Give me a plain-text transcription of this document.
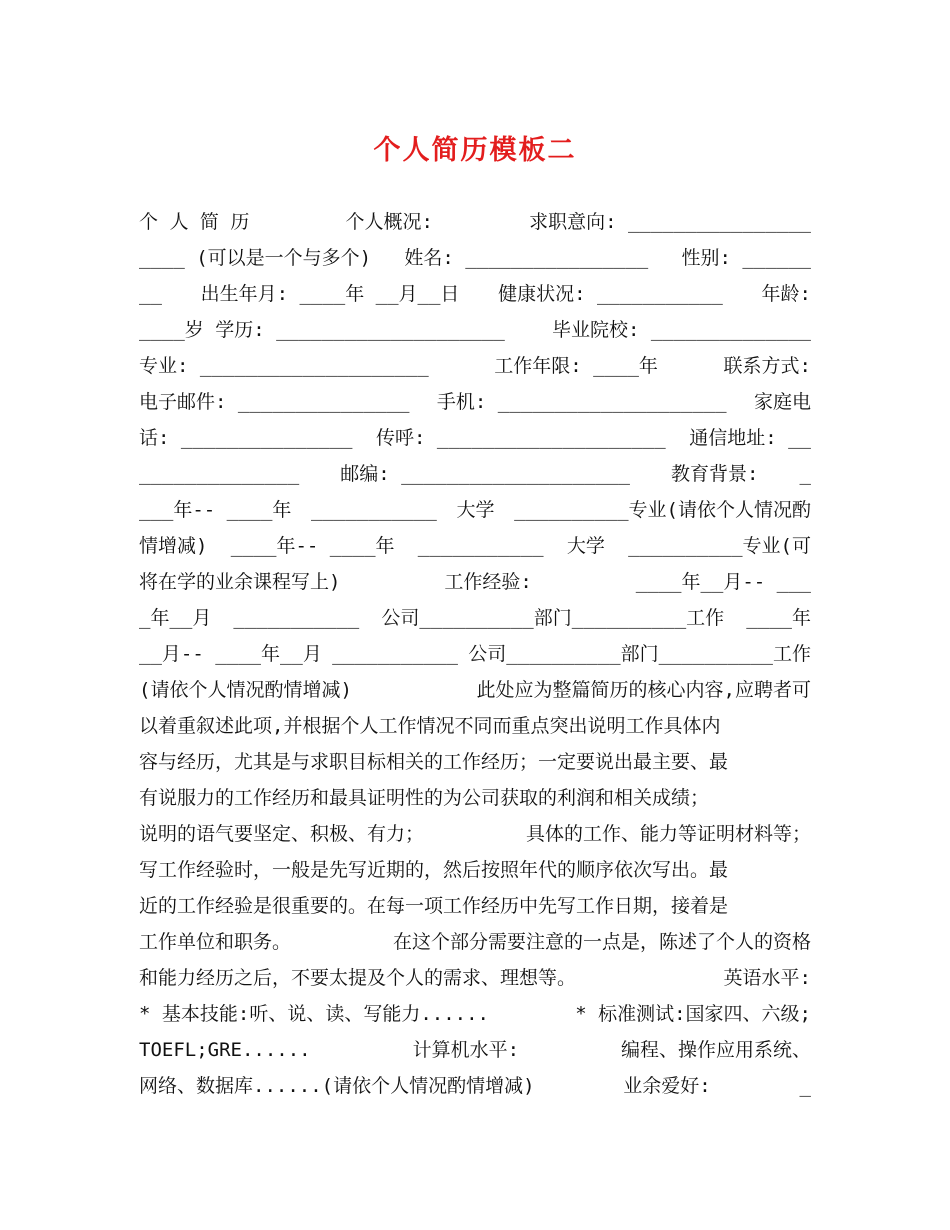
个人简历模板二
个 人 简 历	个人概况:	求职意向: ________________
____ (可以是一个与多个) 姓名: ________________ 性别: ______
__ 出生年月: ____年 __月__日 健康状况: ___________ 年龄:
____岁 学历: ____________________ 毕业院校: ______________
专业: ____________________	工作年限: ____年	联系方式:
电子邮件: _______________ 手机: ____________________ 家庭电
话: _______________ 传呼: ____________________ 通信地址: __
______________ 邮编: ____________________ 教育背景: _
___年-- ____年 ___________ 大学 __________专业(请依个人情况酌
情增减) ____年-- ____年 ___________ 大学 __________专业(可
将在学的业余课程写上)	工作经验:	____年__月-- ___
_年__月 ___________ 公司__________部门__________工作 ____年
__月-- ____年__月 ___________ 公司__________部门__________工作
(请依个人情况酌情增减)	此处应为整篇简历的核心内容,应聘者可
以着重叙述此项,并根据个人工作情况不同而重点突出说明工作具体内
容与经历，尤其是与求职目标相关的工作经历；一定要说出最主要、最
有说服力的工作经历和最具证明性的为公司获取的利润和相关成绩；
说明的语气要坚定、积极、有力；	具体的工作、能力等证明材料等；
写工作经验时，一般是先写近期的，然后按照年代的顺序依次写出。最
近的工作经验是很重要的。在每一项工作经历中先写工作日期，接着是
工作单位和职务。	在这个部分需要注意的一点是，陈述了个人的资格
和能力经历之后，不要太提及个人的需求、理想等。	英语水平:
* 基本技能:听、说、读、写能力......	* 标准测试:国家四、六级;
TOEFL;GRE......	计算机水平:	编程、操作应用系统、
网络、数据库......(请依个人情况酌情增减)	业余爱好:	_
